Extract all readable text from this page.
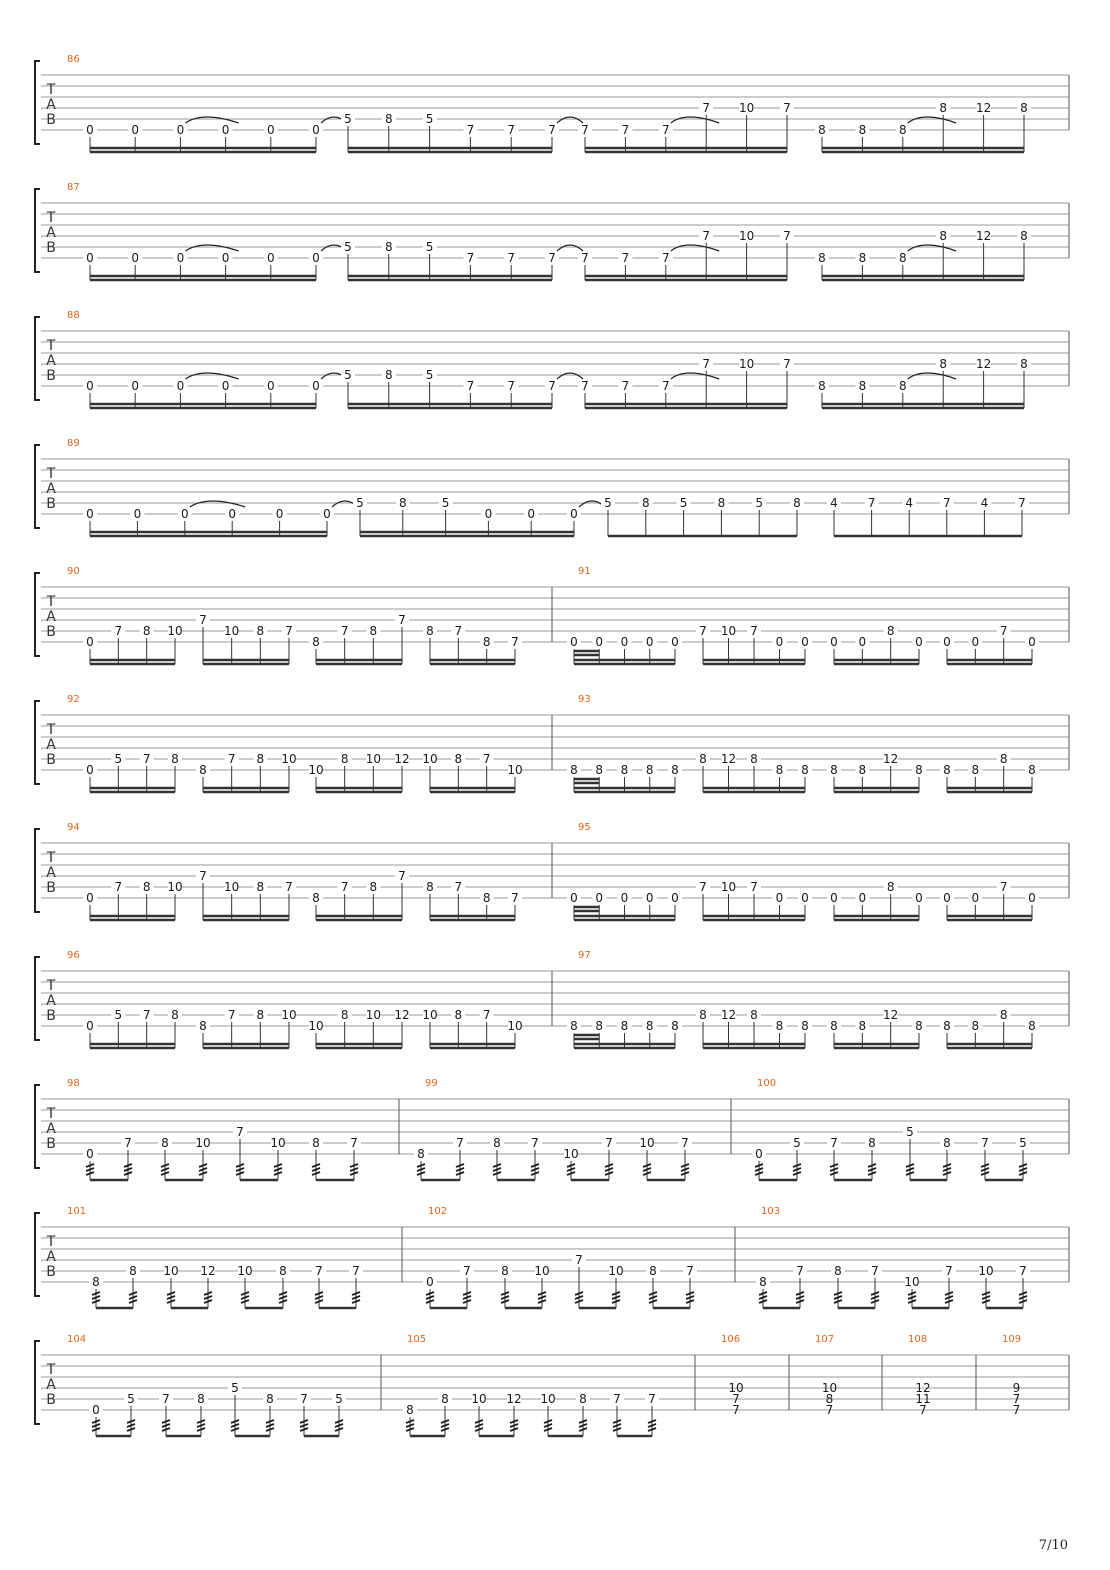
T
A
B
86
0	0	0	0	0	0
5	8	5
7	7	7 7	7	7
7 10 7
8	8	8
8 12 8
T
A
B
87
0	0	0	0	0	0
5	8	5
7	7	7 7	7	7
7 10 7
8	8	8
8 12 8
T
A
B
88
0	0	0	0	0	0
5	8	5
7	7	7 7	7	7
7 10 7
8	8	8
8 12 8
T
A
B
89
0	0	0	0	0	0
5	8	5
0	0	0
5	8	5	8	5	8 4 7 4 7 4 7
T
A
B
90
0
7 8 10
7
10 8 7
8
7 8
7
8 7
8 7
91
0 0 0 0 0
7 10 7
0 0 0 0
8
0 0 0
7
0
T
A
B
92
0
5 7 8
8
7 8 10
10
8 10 12 10 8 7
10
93
8 8 8 8 8
8 12 8
8 8 8 8
12
8 8 8
8
8
T
A
B
94
0
7 8 10
7
10 8 7
8
7 8
7
8 7
8 7
95
0 0 0 0 0
7 10 7
0 0 0 0
8
0 0 0
7
0
T
A
B
96
0
5 7 8
8
7 8 10
10
8 10 12 10 8 7
10
97
8 8 8 8 8
8 12 8
8 8 8 8
12
8 8 8
8
8
T
A
B
98
0
7 8 10
7
10 8	7
99
8
7 8	7
10
7 10 7
100
0
5 7	8
5
8	7	5
T
A
B
101
8
8 10 12 10 8 7 7
102
0
7	8 10
7
10 8 7
103
8
7	8 7
10
7 10 7
T
A
B
104
0
5 7 8
5
8 7 5
105
8
8 10 12 10 8 7 7
106
10
7
7
107
10
8
7
108
12
11
7
109
9
7
7
7/10
